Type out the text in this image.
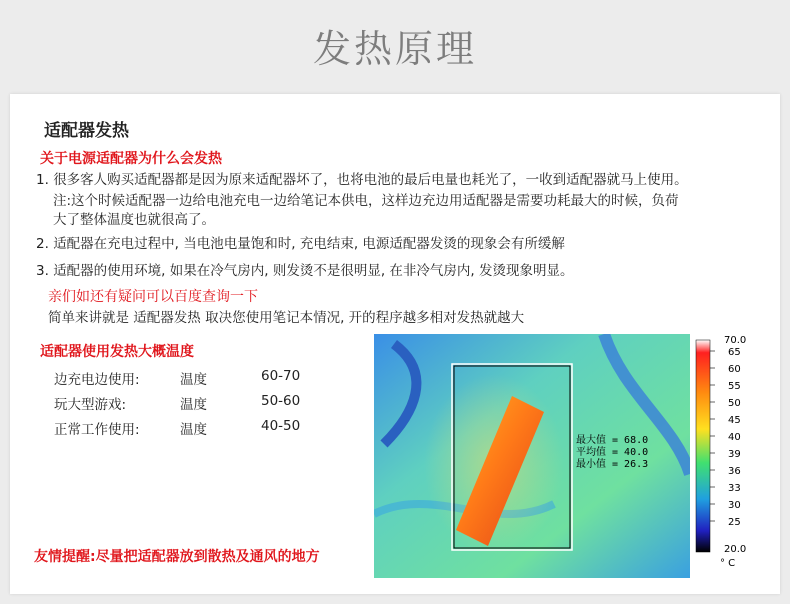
发热原理
适配器发热
关于电源适配器为什么会发热
1. 很多客人购买适配器都是因为原来适配器坏了，也将电池的最后电量也耗光了，一收到适配器就马上使用。
注:这个时候适配器一边给电池充电一边给笔记本供电，这样边充边用适配器是需要功耗最大的时候，负荷
大了整体温度也就很高了。
2. 适配器在充电过程中, 当电池电量饱和时, 充电结束, 电源适配器发烫的现象会有所缓解
3. 适配器的使用环境, 如果在冷气房内, 则发烫不是很明显, 在非冷气房内, 发烫现象明显。
亲们如还有疑问可以百度查询一下
简单来讲就是 适配器发热 取决您使用笔记本情况, 开的程序越多相对发热就越大
适配器使用发热大概温度
边充电边使用:	温度	60-70
玩大型游戏:	温度	50-60
正常工作使用:	温度	40-50
友情提醒:尽量把适配器放到散热及通风的地方
最大值 = 68.0
平均值 = 40.0
最小值 = 26.3
70.0
65
60
55
50
45
40
39
36
33
30
25
20.0
° C
